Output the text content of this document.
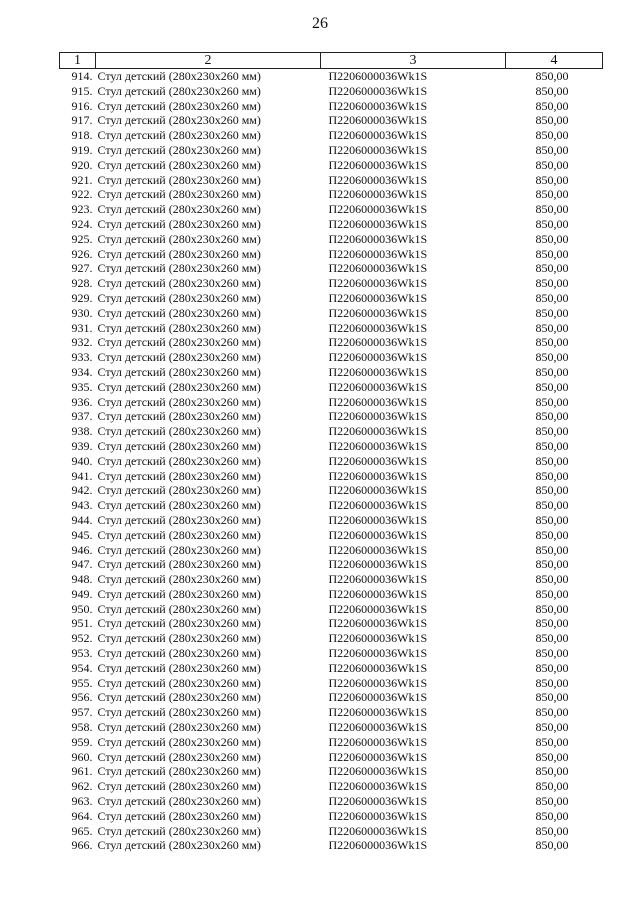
26
1	2	3	4
914.	Стул детский (280x230x260 мм)	П2206000036Wk1S	850,00
915.	Стул детский (280x230x260 мм)	П2206000036Wk1S	850,00
916.	Стул детский (280x230x260 мм)	П2206000036Wk1S	850,00
917.	Стул детский (280x230x260 мм)	П2206000036Wk1S	850,00
918.	Стул детский (280x230x260 мм)	П2206000036Wk1S	850,00
919.	Стул детский (280x230x260 мм)	П2206000036Wk1S	850,00
920.	Стул детский (280x230x260 мм)	П2206000036Wk1S	850,00
921.	Стул детский (280x230x260 мм)	П2206000036Wk1S	850,00
922.	Стул детский (280x230x260 мм)	П2206000036Wk1S	850,00
923.	Стул детский (280x230x260 мм)	П2206000036Wk1S	850,00
924.	Стул детский (280x230x260 мм)	П2206000036Wk1S	850,00
925.	Стул детский (280x230x260 мм)	П2206000036Wk1S	850,00
926.	Стул детский (280x230x260 мм)	П2206000036Wk1S	850,00
927.	Стул детский (280x230x260 мм)	П2206000036Wk1S	850,00
928.	Стул детский (280x230x260 мм)	П2206000036Wk1S	850,00
929.	Стул детский (280x230x260 мм)	П2206000036Wk1S	850,00
930.	Стул детский (280x230x260 мм)	П2206000036Wk1S	850,00
931.	Стул детский (280x230x260 мм)	П2206000036Wk1S	850,00
932.	Стул детский (280x230x260 мм)	П2206000036Wk1S	850,00
933.	Стул детский (280x230x260 мм)	П2206000036Wk1S	850,00
934.	Стул детский (280x230x260 мм)	П2206000036Wk1S	850,00
935.	Стул детский (280x230x260 мм)	П2206000036Wk1S	850,00
936.	Стул детский (280x230x260 мм)	П2206000036Wk1S	850,00
937.	Стул детский (280x230x260 мм)	П2206000036Wk1S	850,00
938.	Стул детский (280x230x260 мм)	П2206000036Wk1S	850,00
939.	Стул детский (280x230x260 мм)	П2206000036Wk1S	850,00
940.	Стул детский (280x230x260 мм)	П2206000036Wk1S	850,00
941.	Стул детский (280x230x260 мм)	П2206000036Wk1S	850,00
942.	Стул детский (280x230x260 мм)	П2206000036Wk1S	850,00
943.	Стул детский (280x230x260 мм)	П2206000036Wk1S	850,00
944.	Стул детский (280x230x260 мм)	П2206000036Wk1S	850,00
945.	Стул детский (280x230x260 мм)	П2206000036Wk1S	850,00
946.	Стул детский (280x230x260 мм)	П2206000036Wk1S	850,00
947.	Стул детский (280x230x260 мм)	П2206000036Wk1S	850,00
948.	Стул детский (280x230x260 мм)	П2206000036Wk1S	850,00
949.	Стул детский (280x230x260 мм)	П2206000036Wk1S	850,00
950.	Стул детский (280x230x260 мм)	П2206000036Wk1S	850,00
951.	Стул детский (280x230x260 мм)	П2206000036Wk1S	850,00
952.	Стул детский (280x230x260 мм)	П2206000036Wk1S	850,00
953.	Стул детский (280x230x260 мм)	П2206000036Wk1S	850,00
954.	Стул детский (280x230x260 мм)	П2206000036Wk1S	850,00
955.	Стул детский (280x230x260 мм)	П2206000036Wk1S	850,00
956.	Стул детский (280x230x260 мм)	П2206000036Wk1S	850,00
957.	Стул детский (280x230x260 мм)	П2206000036Wk1S	850,00
958.	Стул детский (280x230x260 мм)	П2206000036Wk1S	850,00
959.	Стул детский (280x230x260 мм)	П2206000036Wk1S	850,00
960.	Стул детский (280x230x260 мм)	П2206000036Wk1S	850,00
961.	Стул детский (280x230x260 мм)	П2206000036Wk1S	850,00
962.	Стул детский (280x230x260 мм)	П2206000036Wk1S	850,00
963.	Стул детский (280x230x260 мм)	П2206000036Wk1S	850,00
964.	Стул детский (280x230x260 мм)	П2206000036Wk1S	850,00
965.	Стул детский (280x230x260 мм)	П2206000036Wk1S	850,00
966.	Стул детский (280x230x260 мм)	П2206000036Wk1S	850,00
